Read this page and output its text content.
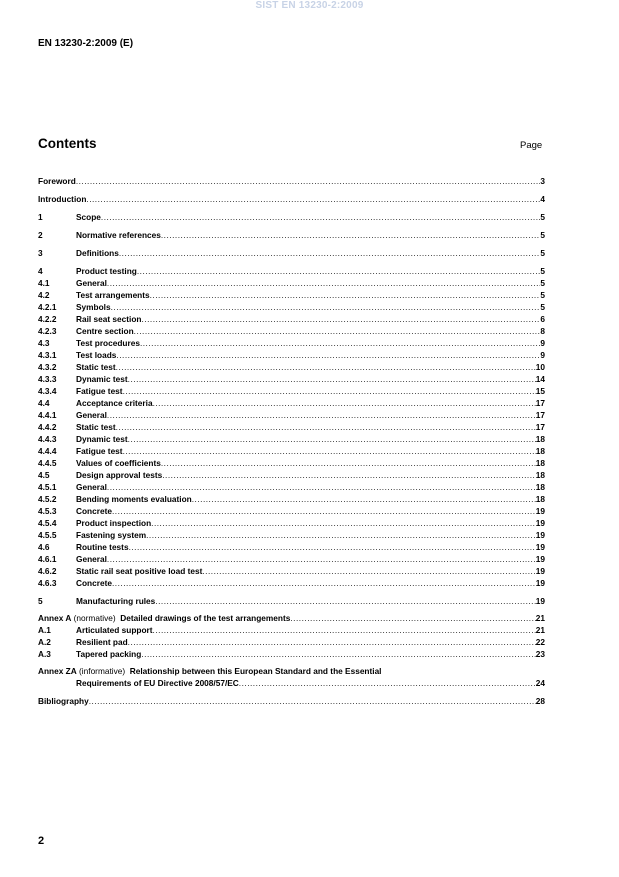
SIST EN 13230-2:2009
EN 13230-2:2009 (E)
Contents	Page
Foreword .....	3
Introduction .....	4
1	Scope .....	5
2	Normative references .....	5
3	Definitions .....	5
4	Product testing .....	5
4.1	General .....	5
4.2	Test arrangements .....	5
4.2.1 Symbols .....	5
4.2.2 Rail seat section .....	6
4.2.3 Centre section .....	8
4.3	Test procedures .....	9
4.3.1 Test loads .....	9
4.3.2 Static test .....	10
4.3.3 Dynamic test .....	14
4.3.4 Fatigue test .....	15
4.4	Acceptance criteria .....	17
4.4.1 General .....	17
4.4.2 Static test .....	17
4.4.3 Dynamic test .....	18
4.4.4 Fatigue test .....	18
4.4.5 Values of coefficients .....	18
4.5	Design approval tests .....	18
4.5.1 General .....	18
4.5.2 Bending moments evaluation .....	18
4.5.3 Concrete .....	19
4.5.4 Product inspection .....	19
4.5.5 Fastening system .....	19
4.6	Routine tests .....	19
4.6.1 General .....	19
4.6.2 Static rail seat positive load test .....	19
4.6.3 Concrete .....	19
5	Manufacturing rules .....	19
Annex A (normative)  Detailed drawings of the test arrangements .....	21
A.1	Articulated support .....	21
A.2	Resilient pad .....	22
A.3	Tapered packing .....	23
Annex ZA (informative)  Relationship between this European Standard and the Essential
Requirements of EU Directive 2008/57/EC .....	24
Bibliography .....	28
2
